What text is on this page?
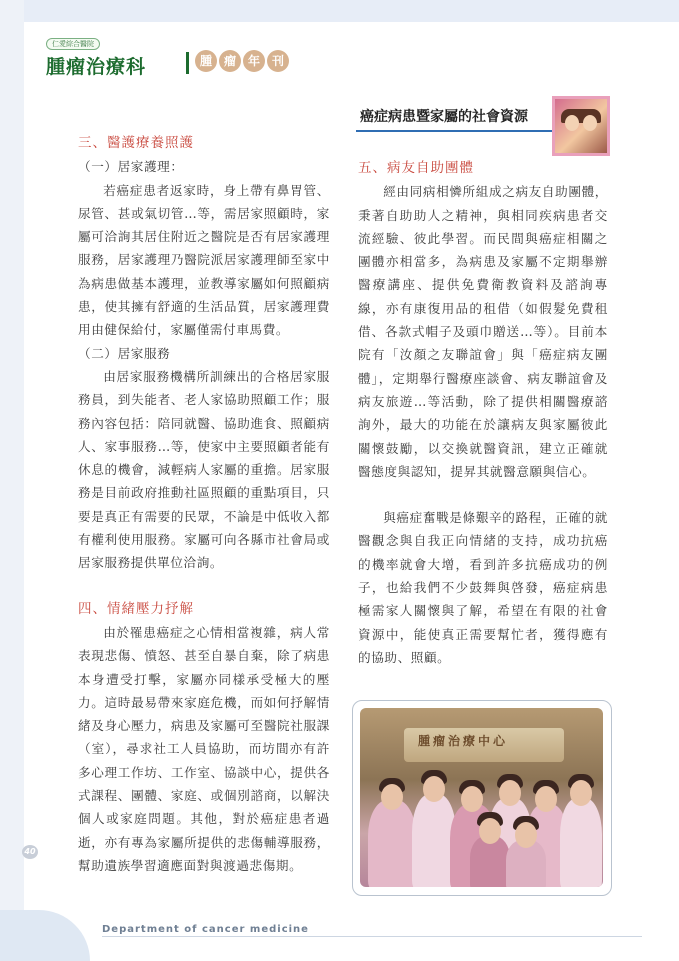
仁愛綜合醫院
腫瘤治療科	腫 瘤 年 刊
癌症病患暨家屬的社會資源

三、醫護療養照護

（一）居家護理：

若癌症患者返家時，身上帶有鼻胃管、尿管、甚或氣切管…等，需居家照顧時，家屬可洽詢其居住附近之醫院是否有居家護理服務，居家護理乃醫院派居家護理師至家中為病患做基本護理，並教導家屬如何照顧病患，使其擁有舒適的生活品質，居家護理費用由健保給付，家屬僅需付車馬費。

（二）居家服務

由居家服務機構所訓練出的合格居家服務員，到失能者、老人家協助照顧工作；服務內容包括：陪同就醫、協助進食、照顧病人、家事服務…等，使家中主要照顧者能有休息的機會，減輕病人家屬的重擔。居家服務是目前政府推動社區照顧的重點項目，只要是真正有需要的民眾，不論是中低收入都有權利使用服務。家屬可向各縣市社會局或居家服務提供單位洽詢。

四、情緒壓力抒解

由於罹患癌症之心情相當複雜，病人常表現悲傷、憤怒、甚至自暴自棄，除了病患本身遭受打擊，家屬亦同樣承受極大的壓力。這時最易帶來家庭危機，而如何抒解情緒及身心壓力，病患及家屬可至醫院社服課（室），尋求社工人員協助，而坊間亦有許多心理工作坊、工作室、協談中心，提供各式課程、團體、家庭、或個別諮商，以解決個人或家庭問題。其他，對於癌症患者過逝，亦有專為家屬所提供的悲傷輔導服務，幫助遺族學習適應面對與渡過悲傷期。

五、病友自助團體

經由同病相憐所組成之病友自助團體，秉著自助助人之精神，與相同疾病患者交流經驗、彼此學習。而民間與癌症相關之團體亦相當多，為病患及家屬不定期舉辦醫療講座、提供免費衛教資料及諮詢專線，亦有康復用品的租借（如假髮免費租借、各款式帽子及頭巾贈送…等）。目前本院有「汝顏之友聯誼會」與「癌症病友團體」，定期舉行醫療座談會、病友聯誼會及病友旅遊…等活動，除了提供相關醫療諮詢外，最大的功能在於讓病友與家屬彼此關懷鼓勵，以交換就醫資訊，建立正確就醫態度與認知，提昇其就醫意願與信心。

與癌症奮戰是條艱辛的路程，正確的就醫觀念與自我正向情緒的支持，成功抗癌的機率就會大增，看到許多抗癌成功的例子，也給我們不少鼓舞與啓發，癌症病患極需家人關懷與了解，希望在有限的社會資源中，能使真正需要幫忙者，獲得應有的協助、照顧。

腫瘤治療中心
40
Department of cancer medicine
